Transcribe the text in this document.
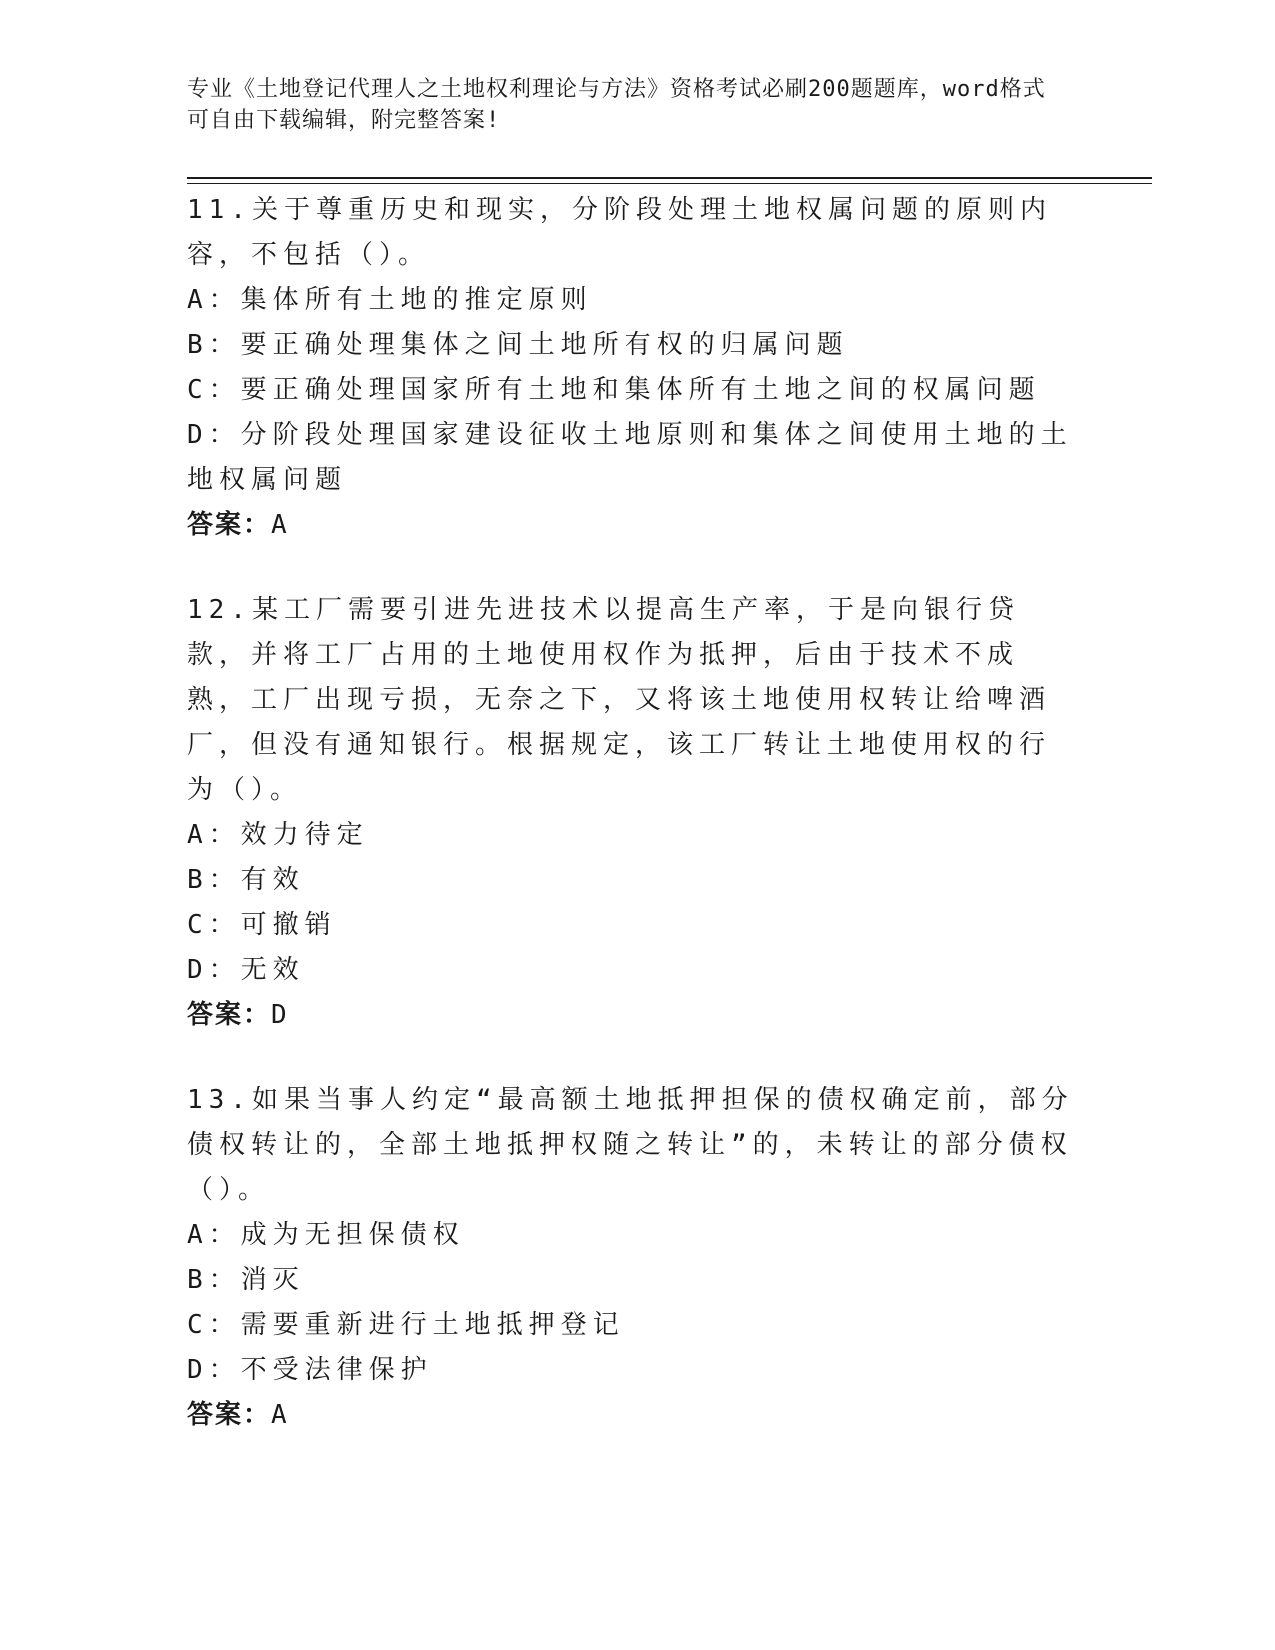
专业《土地登记代理人之土地权利理论与方法》资格考试必刷200题题库，word格式可自由下载编辑，附完整答案!

11.关于尊重历史和现实，分阶段处理土地权属问题的原则内容，不包括（）。

A：集体所有土地的推定原则

B：要正确处理集体之间土地所有权的归属问题

C：要正确处理国家所有土地和集体所有土地之间的权属问题

D：分阶段处理国家建设征收土地原则和集体之间使用土地的土地权属问题

答案：A

12.某工厂需要引进先进技术以提高生产率，于是向银行贷款，并将工厂占用的土地使用权作为抵押，后由于技术不成熟，工厂出现亏损，无奈之下，又将该土地使用权转让给啤酒厂，但没有通知银行。根据规定，该工厂转让土地使用权的行为（）。

A：效力待定

B：有效

C：可撤销

D：无效

答案：D

13.如果当事人约定“最高额土地抵押担保的债权确定前，部分债权转让的，全部土地抵押权随之转让”的，未转让的部分债权（）。

A：成为无担保债权

B：消灭

C：需要重新进行土地抵押登记

D：不受法律保护

答案：A
